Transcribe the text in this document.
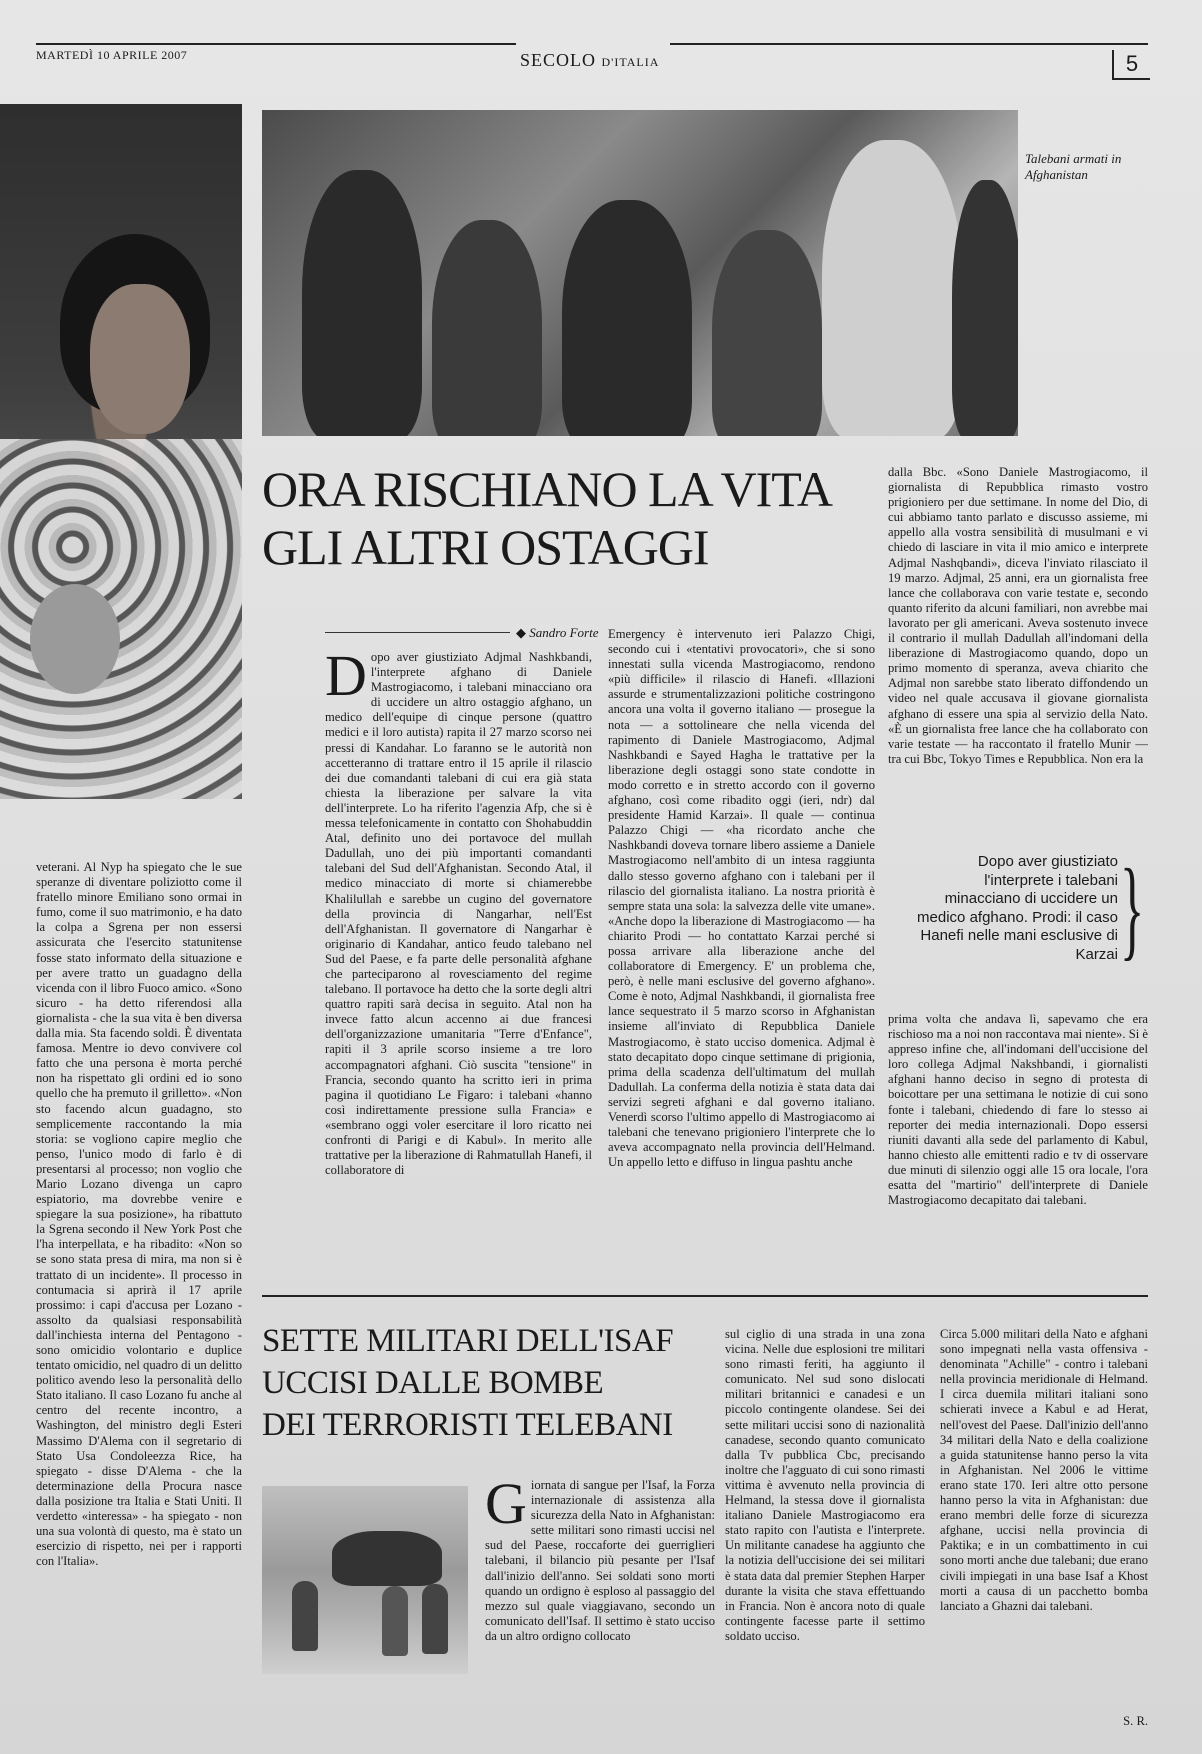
MARTEDÌ 10 APRILE 2007	SECOLO D'ITALIA	5
Talebani armati in Afghanistan
ORA RISCHIANO LA VITA
GLI ALTRI OSTAGGI
◆ Sandro Forte
Dopo aver giustiziato Adjmal Nashkbandi, l'interprete afghano di Daniele Mastrogiacomo, i talebani minacciano ora di uccidere un altro ostaggio afghano, un medico dell'equipe di cinque persone (quattro medici e il loro autista) rapita il 27 marzo scorso nei pressi di Kandahar. Lo faranno se le autorità non accetteranno di trattare entro il 15 aprile il rilascio dei due comandanti talebani di cui era già stata chiesta la liberazione per salvare la vita dell'interprete. Lo ha riferito l'agenzia Afp, che si è messa telefonicamente in contatto con Shohabuddin Atal, definito uno dei portavoce del mullah Dadullah, uno dei più importanti comandanti talebani del Sud dell'Afghanistan. Secondo Atal, il medico minacciato di morte si chiamerebbe Khalilullah e sarebbe un cugino del governatore della provincia di Nangarhar, nell'Est dell'Afghanistan. Il governatore di Nangarhar è originario di Kandahar, antico feudo talebano nel Sud del Paese, e fa parte delle personalità afghane che parteciparono al rovesciamento del regime talebano. Il portavoce ha detto che la sorte degli altri quattro rapiti sarà decisa in seguito. Atal non ha invece fatto alcun accenno ai due francesi dell'organizzazione umanitaria "Terre d'Enfance", rapiti il 3 aprile scorso insieme a tre loro accompagnatori afghani. Ciò suscita "tensione" in Francia, secondo quanto ha scritto ieri in prima pagina il quotidiano Le Figaro: i talebani «hanno così indirettamente pressione sulla Francia» e «sembrano oggi voler esercitare il loro ricatto nei confronti di Parigi e di Kabul». In merito alle trattative per la liberazione di Rahmatullah Hanefi, il collaboratore di
Emergency è intervenuto ieri Palazzo Chigi, secondo cui i «tentativi provocatori», che si sono innestati sulla vicenda Mastrogiacomo, rendono «più difficile» il rilascio di Hanefi. «Illazioni assurde e strumentalizzazioni politiche costringono ancora una volta il governo italiano — prosegue la nota — a sottolineare che nella vicenda del rapimento di Daniele Mastrogiacomo, Adjmal Nashkbandi e Sayed Hagha le trattative per la liberazione degli ostaggi sono state condotte in modo corretto e in stretto accordo con il governo afghano, così come ribadito oggi (ieri, ndr) dal presidente Hamid Karzai». Il quale — continua Palazzo Chigi — «ha ricordato anche che Nashkbandi doveva tornare libero assieme a Daniele Mastrogiacomo nell'ambito di un intesa raggiunta dallo stesso governo afghano con i talebani per il rilascio del giornalista italiano. La nostra priorità è sempre stata una sola: la salvezza delle vite umane». «Anche dopo la liberazione di Mastrogiacomo — ha chiarito Prodi — ho contattato Karzai perché si possa arrivare alla liberazione anche del collaboratore di Emergency. E' un problema che, però, è nelle mani esclusive del governo afghano». Come è noto, Adjmal Nashkbandi, il giornalista free lance sequestrato il 5 marzo scorso in Afghanistan insieme all'inviato di Repubblica Daniele Mastrogiacomo, è stato ucciso domenica. Adjmal è stato decapitato dopo cinque settimane di prigionia, prima della scadenza dell'ultimatum del mullah Dadullah. La conferma della notizia è stata data dai servizi segreti afghani e dal governo italiano. Venerdì scorso l'ultimo appello di Mastrogiacomo ai talebani che tenevano prigioniero l'interprete che lo aveva accompagnato nella provincia dell'Helmand. Un appello letto e diffuso in lingua pashtu anche
dalla Bbc. «Sono Daniele Mastrogiacomo, il giornalista di Repubblica rimasto vostro prigioniero per due settimane. In nome del Dio, di cui abbiamo tanto parlato e discusso assieme, mi appello alla vostra sensibilità di musulmani e vi chiedo di lasciare in vita il mio amico e interprete Adjmal Nashqbandi», diceva l'inviato rilasciato il 19 marzo. Adjmal, 25 anni, era un giornalista free lance che collaborava con varie testate e, secondo quanto riferito da alcuni familiari, non avrebbe mai lavorato per gli americani. Aveva sostenuto invece il contrario il mullah Dadullah all'indomani della liberazione di Mastrogiacomo quando, dopo un primo momento di speranza, aveva chiarito che Adjmal non sarebbe stato liberato diffondendo un video nel quale accusava il giovane giornalista afghano di essere una spia al servizio della Nato. «È un giornalista free lance che ha collaborato con varie testate — ha raccontato il fratello Munir — tra cui Bbc, Tokyo Times e Repubblica. Non era la
Dopo aver giustiziato l'interprete i talebani minacciano di uccidere un medico afghano. Prodi: il caso Hanefi nelle mani esclusive di Karzai }
prima volta che andava lì, sapevamo che era rischioso ma a noi non raccontava mai niente». Si è appreso infine che, all'indomani dell'uccisione del loro collega Adjmal Nakshbandi, i giornalisti afghani hanno deciso in segno di protesta di boicottare per una settimana le notizie di cui sono fonte i talebani, chiedendo di fare lo stesso ai reporter dei media internazionali. Dopo essersi riuniti davanti alla sede del parlamento di Kabul, hanno chiesto alle emittenti radio e tv di osservare due minuti di silenzio oggi alle 15 ora locale, l'ora esatta del "martirio" dell'interprete di Daniele Mastrogiacomo decapitato dai talebani.
veterani. Al Nyp ha spiegato che le sue speranze di diventare poliziotto come il fratello minore Emiliano sono ormai in fumo, come il suo matrimonio, e ha dato la colpa a Sgrena per non essersi assicurata che l'esercito statunitense fosse stato informato della situazione e per avere tratto un guadagno della vicenda con il libro Fuoco amico. «Sono sicuro - ha detto riferendosi alla giornalista - che la sua vita è ben diversa dalla mia. Sta facendo soldi. È diventata famosa. Mentre io devo convivere col fatto che una persona è morta perché non ha rispettato gli ordini ed io sono quello che ha premuto il grilletto». «Non sto facendo alcun guadagno, sto semplicemente raccontando la mia storia: se vogliono capire meglio che penso, l'unico modo di farlo è di presentarsi al processo; non voglio che Mario Lozano divenga un capro espiatorio, ma dovrebbe venire e spiegare la sua posizione», ha ribattuto la Sgrena secondo il New York Post che l'ha interpellata, e ha ribadito: «Non so se sono stata presa di mira, ma non si è trattato di un incidente». Il processo in contumacia si aprirà il 17 aprile prossimo: i capi d'accusa per Lozano - assolto da qualsiasi responsabilità dall'inchiesta interna del Pentagono - sono omicidio volontario e duplice tentato omicidio, nel quadro di un delitto politico avendo leso la personalità dello Stato italiano. Il caso Lozano fu anche al centro del recente incontro, a Washington, del ministro degli Esteri Massimo D'Alema con il segretario di Stato Usa Condoleezza Rice, ha spiegato - disse D'Alema - che la determinazione della Procura nasce dalla posizione tra Italia e Stati Uniti. Il verdetto «interessa» - ha spiegato - non una sua volontà di questo, ma è stato un esercizio di rispetto, nei per i rapporti con l'Italia».
SETTE MILITARI DELL'ISAF
UCCISI DALLE BOMBE
DEI TERRORISTI TELEBANI
Giornata di sangue per l'Isaf, la Forza internazionale di assistenza alla sicurezza della Nato in Afghanistan: sette militari sono rimasti uccisi nel sud del Paese, roccaforte dei guerriglieri talebani, il bilancio più pesante per l'Isaf dall'inizio dell'anno. Sei soldati sono morti quando un ordigno è esploso al passaggio del mezzo sul quale viaggiavano, secondo un comunicato dell'Isaf. Il settimo è stato ucciso da un altro ordigno collocato
sul ciglio di una strada in una zona vicina. Nelle due esplosioni tre militari sono rimasti feriti, ha aggiunto il comunicato. Nel sud sono dislocati militari britannici e canadesi e un piccolo contingente olandese. Sei dei sette militari uccisi sono di nazionalità canadese, secondo quanto comunicato dalla Tv pubblica Cbc, precisando inoltre che l'agguato di cui sono rimasti vittima è avvenuto nella provincia di Helmand, la stessa dove il giornalista italiano Daniele Mastrogiacomo era stato rapito con l'autista e l'interprete. Un militante canadese ha aggiunto che la notizia dell'uccisione dei sei militari è stata data dal premier Stephen Harper durante la visita che stava effettuando in Francia. Non è ancora noto di quale contingente facesse parte il settimo soldato ucciso.
Circa 5.000 militari della Nato e afghani sono impegnati nella vasta offensiva - denominata "Achille" - contro i talebani nella provincia meridionale di Helmand. I circa duemila militari italiani sono schierati invece a Kabul e ad Herat, nell'ovest del Paese. Dall'inizio dell'anno 34 militari della Nato e della coalizione a guida statunitense hanno perso la vita in Afghanistan. Nel 2006 le vittime erano state 170. Ieri altre otto persone hanno perso la vita in Afghanistan: due erano membri delle forze di sicurezza afghane, uccisi nella provincia di Paktika; e in un combattimento in cui sono morti anche due talebani; due erano civili impiegati in una base Isaf a Khost morti a causa di un pacchetto bomba lanciato a Ghazni dai talebani.
S. R.
